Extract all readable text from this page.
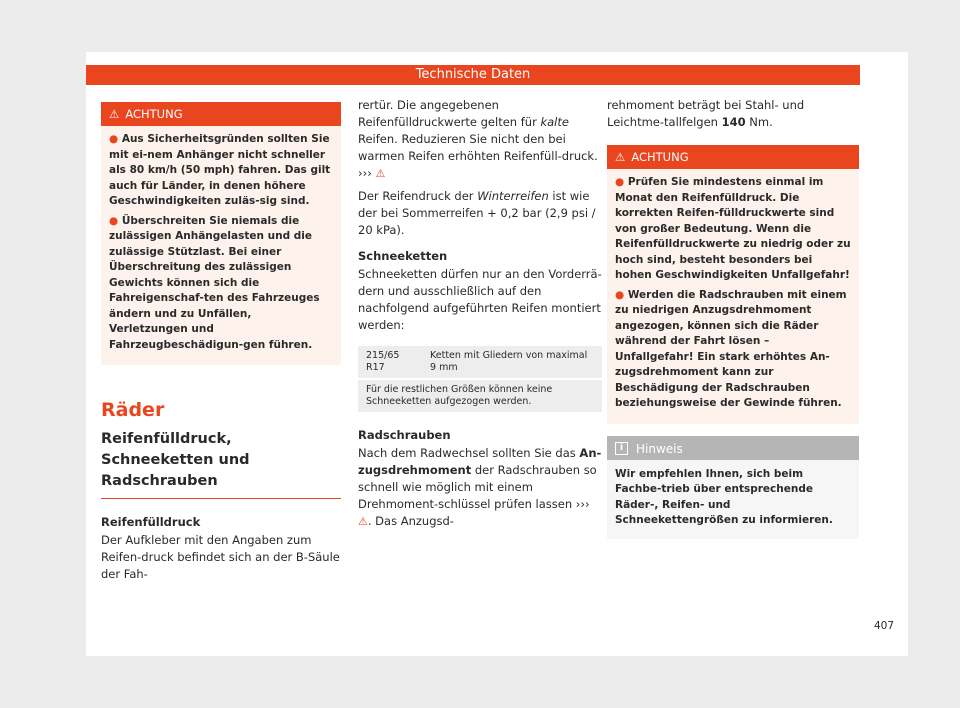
Technische Daten
⚠ ACHTUNG

● Aus Sicherheitsgründen sollten Sie mit ei-nem Anhänger nicht schneller als 80 km/h (50 mph) fahren. Das gilt auch für Länder, in denen höhere Geschwindigkeiten zuläs-sig sind.

● Überschreiten Sie niemals die zulässigen Anhängelasten und die zulässige Stützlast. Bei einer Überschreitung des zulässigen Gewichts können sich die Fahreigenschaf-ten des Fahrzeuges ändern und zu Unfällen, Verletzungen und Fahrzeugbeschädigun-gen führen.

Räder
Reifenfülldruck, Schneeketten und Radschrauben
Reifenfülldruck

Der Aufkleber mit den Angaben zum Reifen-druck befindet sich an der B-Säule der Fah-

rertür. Die angegebenen Reifenfülldruckwerte gelten für kalte Reifen. Reduzieren Sie nicht den bei warmen Reifen erhöhten Reifenfüll-druck. ››› ⚠

Der Reifendruck der Winterreifen ist wie der bei Sommerreifen + 0,2 bar (2,9 psi / 20 kPa).

Schneeketten

Schneeketten dürfen nur an den Vorderrä-dern und ausschließlich auf den nachfolgend aufgeführten Reifen montiert werden:

215/65 R17	Ketten mit Gliedern von maximal 9 mm
Für die restlichen Größen können keine Schneeketten aufgezogen werden.
Radschrauben

Nach dem Radwechsel sollten Sie das An-zugsdrehmoment der Radschrauben so schnell wie möglich mit einem Drehmoment-schlüssel prüfen lassen ››› ⚠. Das Anzugsd-

rehmoment beträgt bei Stahl- und Leichtme-tallfelgen 140 Nm.

⚠ ACHTUNG

● Prüfen Sie mindestens einmal im Monat den Reifenfülldruck. Die korrekten Reifen-fülldruckwerte sind von großer Bedeutung. Wenn die Reifenfülldruckwerte zu niedrig oder zu hoch sind, besteht besonders bei hohen Geschwindigkeiten Unfallgefahr!

● Werden die Radschrauben mit einem zu niedrigen Anzugsdrehmoment angezogen, können sich die Räder während der Fahrt lösen – Unfallgefahr! Ein stark erhöhtes An-zugsdrehmoment kann zur Beschädigung der Radschrauben beziehungsweise der Gewinde führen.

i	Hinweis
Wir empfehlen Ihnen, sich beim Fachbe-trieb über entsprechende Räder-, Reifen- und Schneekettengrößen zu informieren.
407
